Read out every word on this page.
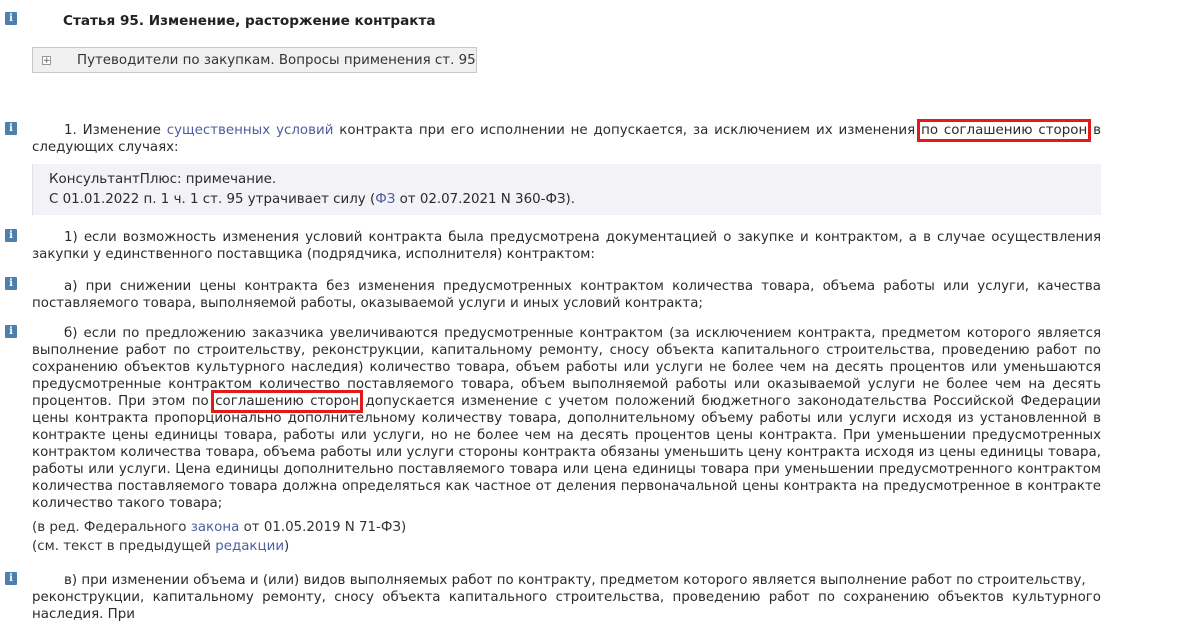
i
i
i
i
i
i
Статья 95. Изменение, расторжение контракта
+ Путеводители по закупкам. Вопросы применения ст. 95
1. Изменение существенных условий контракта при его исполнении не допускается, за исключением их изменения по соглашению сторон в следующих случаях:
КонсультантПлюс: примечание.
С 01.01.2022 п. 1 ч. 1 ст. 95 утрачивает силу (ФЗ от 02.07.2021 N 360-ФЗ).
1) если возможность изменения условий контракта была предусмотрена документацией о закупке и контрактом, а в случае осуществления закупки у единственного поставщика (подрядчика, исполнителя) контрактом:
а) при снижении цены контракта без изменения предусмотренных контрактом количества товара, объема работы или услуги, качества поставляемого товара, выполняемой работы, оказываемой услуги и иных условий контракта;
б) если по предложению заказчика увеличиваются предусмотренные контрактом (за исключением контракта, предметом которого является выполнение работ по строительству, реконструкции, капитальному ремонту, сносу объекта капитального строительства, проведению работ по сохранению объектов культурного наследия) количество товара, объем работы или услуги не более чем на десять процентов или уменьшаются предусмотренные контрактом количество поставляемого товара, объем выполняемой работы или оказываемой услуги не более чем на десять процентов. При этом по соглашению сторон допускается изменение с учетом положений бюджетного законодательства Российской Федерации цены контракта пропорционально дополнительному количеству товара, дополнительному объему работы или услуги исходя из установленной в контракте цены единицы товара, работы или услуги, но не более чем на десять процентов цены контракта. При уменьшении предусмотренных контрактом количества товара, объема работы или услуги стороны контракта обязаны уменьшить цену контракта исходя из цены единицы товара, работы или услуги. Цена единицы дополнительно поставляемого товара или цена единицы товара при уменьшении предусмотренного контрактом количества поставляемого товара должна определяться как частное от деления первоначальной цены контракта на предусмотренное в контракте количество такого товара;
(в ред. Федерального закона от 01.05.2019 N 71-ФЗ)
(см. текст в предыдущей редакции)
в) при изменении объема и (или) видов выполняемых работ по контракту, предметом которого является выполнение работ по строительству,
реконструкции, капитальному ремонту, сносу объекта капитального строительства, проведению работ по сохранению объектов культурного наследия. При
